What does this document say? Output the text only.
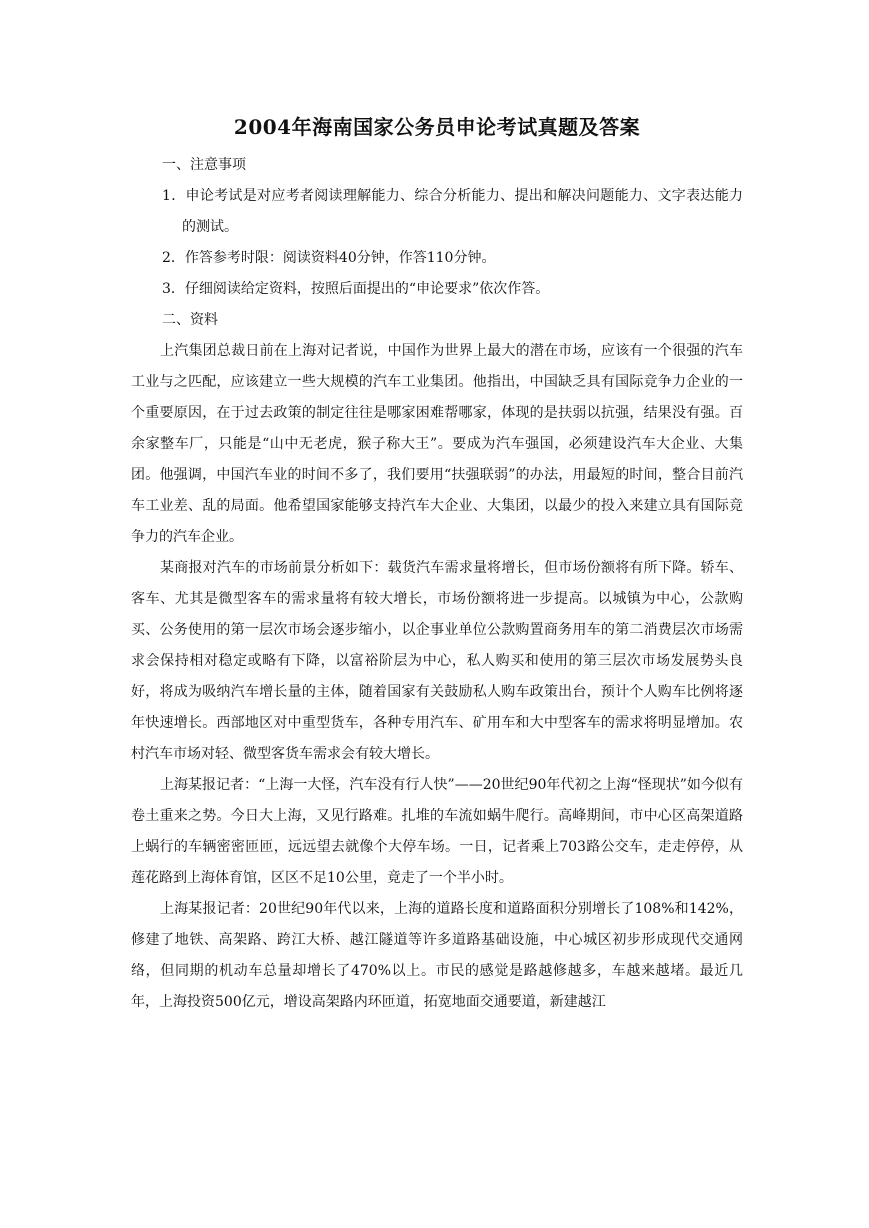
2004年海南国家公务员申论考试真题及答案

一、注意事项

1．申论考试是对应考者阅读理解能力、综合分析能力、提出和解决问题能力、文字表达能力的测试。

2．作答参考时限：阅读资料40分钟，作答110分钟。

3．仔细阅读给定资料，按照后面提出的“申论要求”依次作答。

二、资料

上汽集团总裁日前在上海对记者说，中国作为世界上最大的潜在市场，应该有一个很强的汽车工业与之匹配，应该建立一些大规模的汽车工业集团。他指出，中国缺乏具有国际竞争力企业的一个重要原因，在于过去政策的制定往往是哪家困难帮哪家，体现的是扶弱以抗强，结果没有强。百余家整车厂，只能是“山中无老虎，猴子称大王”。要成为汽车强国，必须建设汽车大企业、大集团。他强调，中国汽车业的时间不多了，我们要用“扶强联弱”的办法，用最短的时间，整合目前汽车工业差、乱的局面。他希望国家能够支持汽车大企业、大集团，以最少的投入来建立具有国际竞争力的汽车企业。

某商报对汽车的市场前景分析如下：载货汽车需求量将增长，但市场份额将有所下降。轿车、客车、尤其是微型客车的需求量将有较大增长，市场份额将进一步提高。以城镇为中心，公款购买、公务使用的第一层次市场会逐步缩小，以企事业单位公款购置商务用车的第二消费层次市场需求会保持相对稳定或略有下降，以富裕阶层为中心，私人购买和使用的第三层次市场发展势头良好，将成为吸纳汽车增长量的主体，随着国家有关鼓励私人购车政策出台，预计个人购车比例将逐年快速增长。西部地区对中重型货车，各种专用汽车、矿用车和大中型客车的需求将明显增加。农村汽车市场对轻、微型客货车需求会有较大增长。

上海某报记者：“上海一大怪，汽车没有行人快”——20世纪90年代初之上海“怪现状”如今似有卷土重来之势。今日大上海，又见行路难。扎堆的车流如蜗牛爬行。高峰期间，市中心区高架道路上蜗行的车辆密密匝匝，远远望去就像个大停车场。一日，记者乘上703路公交车，走走停停，从莲花路到上海体育馆，区区不足10公里，竟走了一个半小时。

上海某报记者：20世纪90年代以来，上海的道路长度和道路面积分别增长了108%和142%，修建了地铁、高架路、跨江大桥、越江隧道等许多道路基础设施，中心城区初步形成现代交通网络，但同期的机动车总量却增长了470%以上。市民的感觉是路越修越多，车越来越堵。最近几年，上海投资500亿元，增设高架路内环匝道，拓宽地面交通要道，新建越江
